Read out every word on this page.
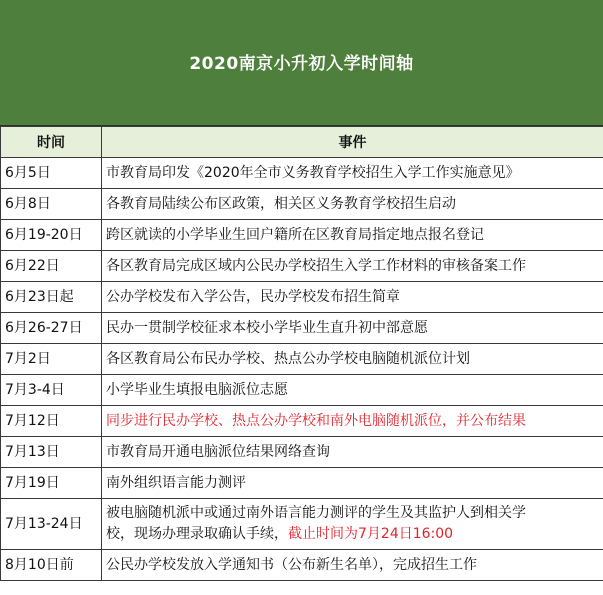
2020南京小升初入学时间轴
时间	事件
6月5日	市教育局印发《2020年全市义务教育学校招生入学工作实施意见》
6月8日	各教育局陆续公布区政策，相关区义务教育学校招生启动
6月19-20日	跨区就读的小学毕业生回户籍所在区教育局指定地点报名登记
6月22日	各区教育局完成区域内公民办学校招生入学工作材料的审核备案工作
6月23日起	公办学校发布入学公告，民办学校发布招生简章
6月26-27日	民办一贯制学校征求本校小学毕业生直升初中部意愿
7月2日	各区教育局公布民办学校、热点公办学校电脑随机派位计划
7月3-4日	小学毕业生填报电脑派位志愿
7月12日	同步进行民办学校、热点公办学校和南外电脑随机派位，并公布结果
7月13日	市教育局开通电脑派位结果网络查询
7月19日	南外组织语言能力测评
7月13-24日	被电脑随机派中或通过南外语言能力测评的学生及其监护人到相关学
校，现场办理录取确认手续，截止时间为7月24日16:00
8月10日前	公民办学校发放入学通知书（公布新生名单），完成招生工作
